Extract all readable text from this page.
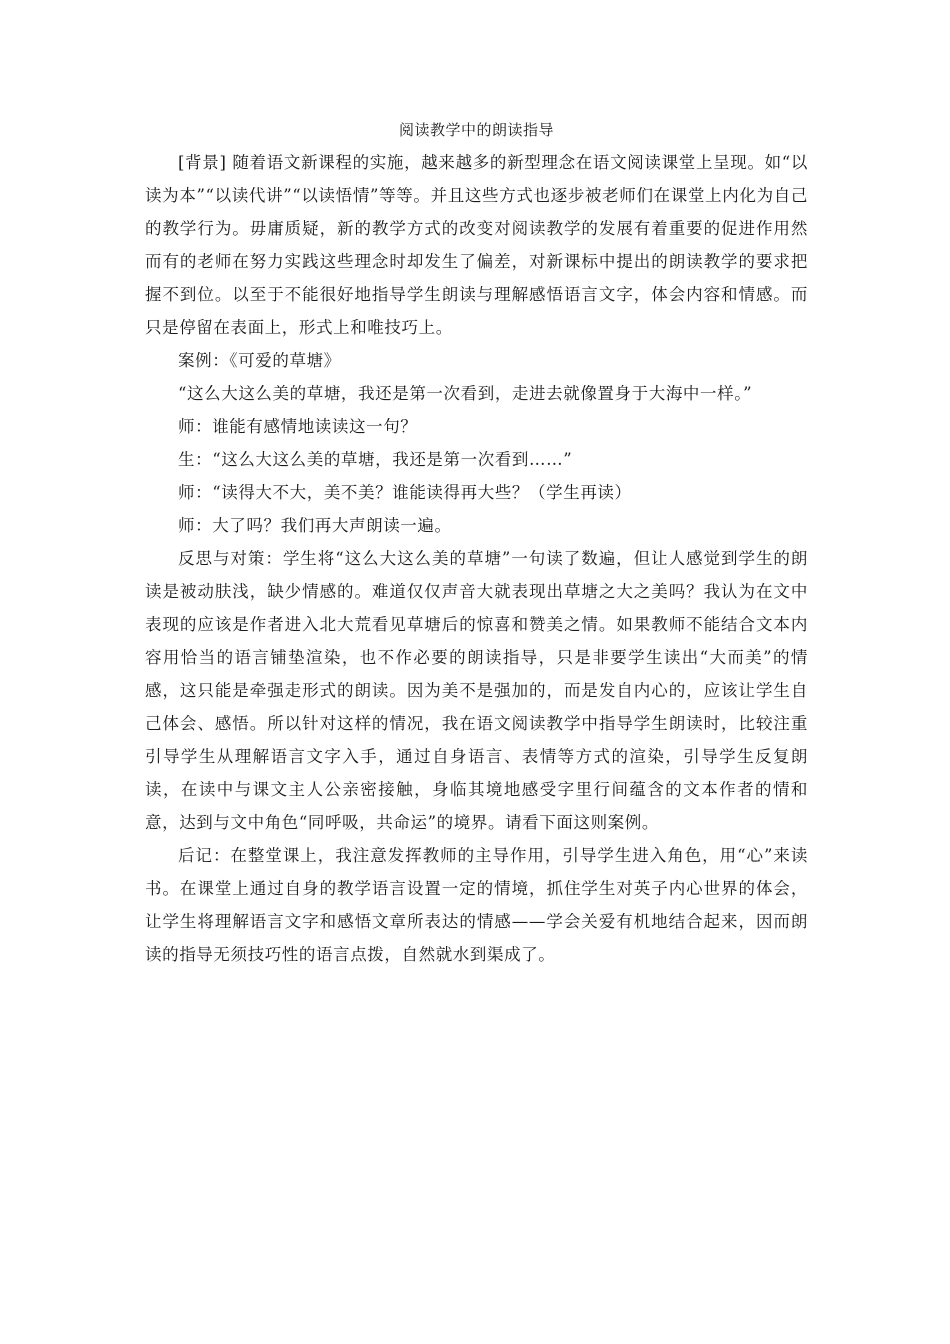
阅读教学中的朗读指导

[背景] 随着语文新课程的实施，越来越多的新型理念在语文阅读课堂上呈现。如“以读为本”“以读代讲”“以读悟情”等等。并且这些方式也逐步被老师们在课堂上内化为自己的教学行为。毋庸质疑，新的教学方式的改变对阅读教学的发展有着重要的促进作用然而有的老师在努力实践这些理念时却发生了偏差，对新课标中提出的朗读教学的要求把握不到位。以至于不能很好地指导学生朗读与理解感悟语言文字，体会内容和情感。而只是停留在表面上，形式上和唯技巧上。

案例：《可爱的草塘》

“这么大这么美的草塘，我还是第一次看到，走进去就像置身于大海中一样。”

师：谁能有感情地读读这一句？

生：“这么大这么美的草塘，我还是第一次看到……”

师：“读得大不大，美不美？谁能读得再大些？（学生再读）

师：大了吗？我们再大声朗读一遍。

反思与对策：学生将“这么大这么美的草塘”一句读了数遍，但让人感觉到学生的朗读是被动肤浅，缺少情感的。难道仅仅声音大就表现出草塘之大之美吗？我认为在文中表现的应该是作者进入北大荒看见草塘后的惊喜和赞美之情。如果教师不能结合文本内容用恰当的语言铺垫渲染，也不作必要的朗读指导，只是非要学生读出“大而美”的情感，这只能是牵强走形式的朗读。因为美不是强加的，而是发自内心的，应该让学生自己体会、感悟。所以针对这样的情况，我在语文阅读教学中指导学生朗读时，比较注重引导学生从理解语言文字入手，通过自身语言、表情等方式的渲染，引导学生反复朗读，在读中与课文主人公亲密接触，身临其境地感受字里行间蕴含的文本作者的情和意，达到与文中角色“同呼吸，共命运”的境界。请看下面这则案例。

后记：在整堂课上，我注意发挥教师的主导作用，引导学生进入角色，用“心”来读书。在课堂上通过自身的教学语言设置一定的情境，抓住学生对英子内心世界的体会，让学生将理解语言文字和感悟文章所表达的情感——学会关爱有机地结合起来，因而朗读的指导无须技巧性的语言点拨，自然就水到渠成了。
